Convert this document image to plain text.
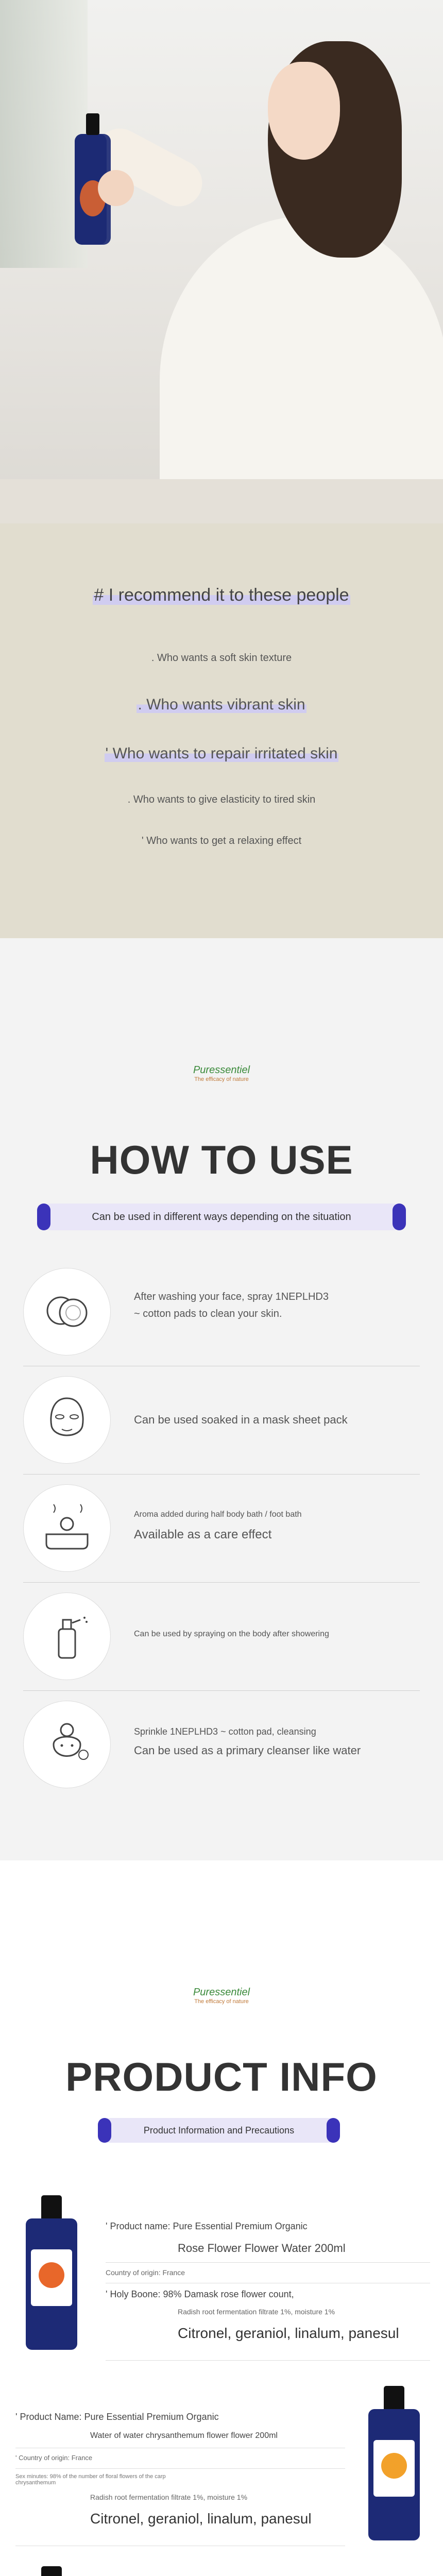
# I recommend it to these people
. Who wants a soft skin texture
. Who wants vibrant skin
' Who wants to repair irritated skin
. Who wants to give elasticity to tired skin
' Who wants to get a relaxing effect
Puressentiel
The efficacy of nature
HOW TO USE
Can be used in different ways depending on the situation
After washing your face, spray 1NEPLHD3
~ cotton pads to clean your skin.
Can be used soaked in a mask sheet pack
Aroma added during half body bath / foot bath
Available as a care effect
Can be used by spraying on the body after showering
Sprinkle 1NEPLHD3 ~ cotton pad, cleansing
Can be used as a primary cleanser like water
Puressentiel
The efficacy of nature
PRODUCT INFO
Product Information and Precautions
' Product name: Pure Essential Premium Organic
Rose Flower Flower Water 200ml
Country of origin: France
' Holy Boone: 98% Damask rose flower count,
Radish root fermentation filtrate 1%, moisture 1%
Citronel, geraniol, linalum, panesul
' Product Name: Pure Essential Premium Organic
Water of water chrysanthemum flower flower 200ml
' Country of origin: France
Sex minutes: 98% of the number of floral flowers of the carp chrysanthemum
Radish root fermentation filtrate 1%, moisture 1%
Citronel, geraniol, linalum, panesul
